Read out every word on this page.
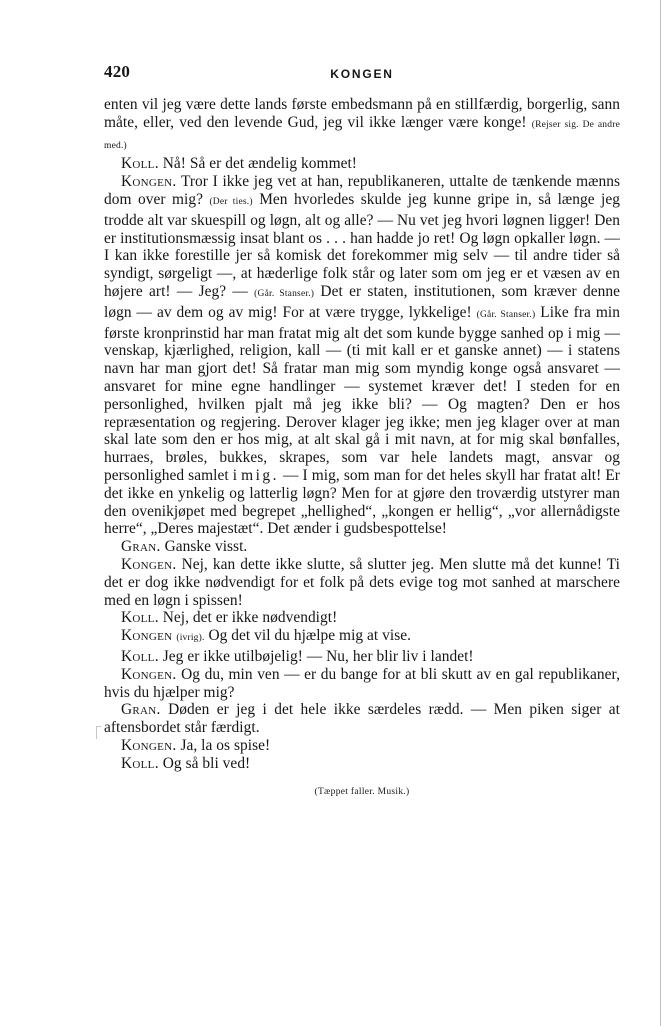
420	KONGEN

enten vil jeg være dette lands første embedsmann på en stillfærdig, borgerlig, sann måte, eller, ved den levende Gud, jeg vil ikke længer være konge! (Rejser sig. De andre med.)

Koll. Nå! Så er det ændelig kommet!

Kongen. Tror I ikke jeg vet at han, republikaneren, uttalte de tænkende mænns dom over mig? (Der ties.) Men hvorledes skulde jeg kunne gripe in, så længe jeg trodde alt var skuespill og løgn, alt og alle? — Nu vet jeg hvori løgnen ligger! Den er institutionsmæssig insat blant os . . . han hadde jo ret! Og løgn opkaller løgn. — I kan ikke forestille jer så komisk det forekommer mig selv — til andre tider så syndigt, sørgeligt —, at hæderlige folk står og later som om jeg er et væsen av en højere art! — Jeg? — (Går. Stanser.) Det er staten, institutionen, som kræver denne løgn — av dem og av mig! For at være trygge, lykkelige! (Går. Stanser.) Like fra min første kronprinstid har man fratat mig alt det som kunde bygge sanhed op i mig — venskap, kjærlighed, religion, kall — (ti mit kall er et ganske annet) — i statens navn har man gjort det! Så fratar man mig som myndig konge også ansvaret — ansvaret for mine egne handlinger — systemet kræver det! I steden for en personlighed, hvilken pjalt må jeg ikke bli? — Og magten? Den er hos repræsentation og regjering. Derover klager jeg ikke; men jeg klager over at man skal late som den er hos mig, at alt skal gå i mit navn, at for mig skal bønfalles, hurraes, brøles, bukkes, skrapes, som var hele landets magt, ansvar og personlighed samlet i mig. — I mig, som man for det heles skyll har fratat alt! Er det ikke en ynkelig og latterlig løgn? Men for at gjøre den troværdig utstyrer man den ovenikjøpet med begrepet „hellighed“, „kongen er hellig“, „vor allernådigste herre“, „Deres majestæt“. Det ænder i gudsbespottelse!

Gran. Ganske visst.

Kongen. Nej, kan dette ikke slutte, så slutter jeg. Men slutte må det kunne! Ti det er dog ikke nødvendigt for et folk på dets evige tog mot sanhed at marschere med en løgn i spissen!

Koll. Nej, det er ikke nødvendigt!

Kongen (ivrig). Og det vil du hjælpe mig at vise.

Koll. Jeg er ikke utilbøjelig! — Nu, her blir liv i landet!

Kongen. Og du, min ven — er du bange for at bli skutt av en gal republikaner, hvis du hjælper mig?

Gran. Døden er jeg i det hele ikke særdeles rædd. — Men piken siger at aftensbordet står færdigt.

Kongen. Ja, la os spise!

Koll. Og så bli ved!

(Tæppet faller. Musik.)
